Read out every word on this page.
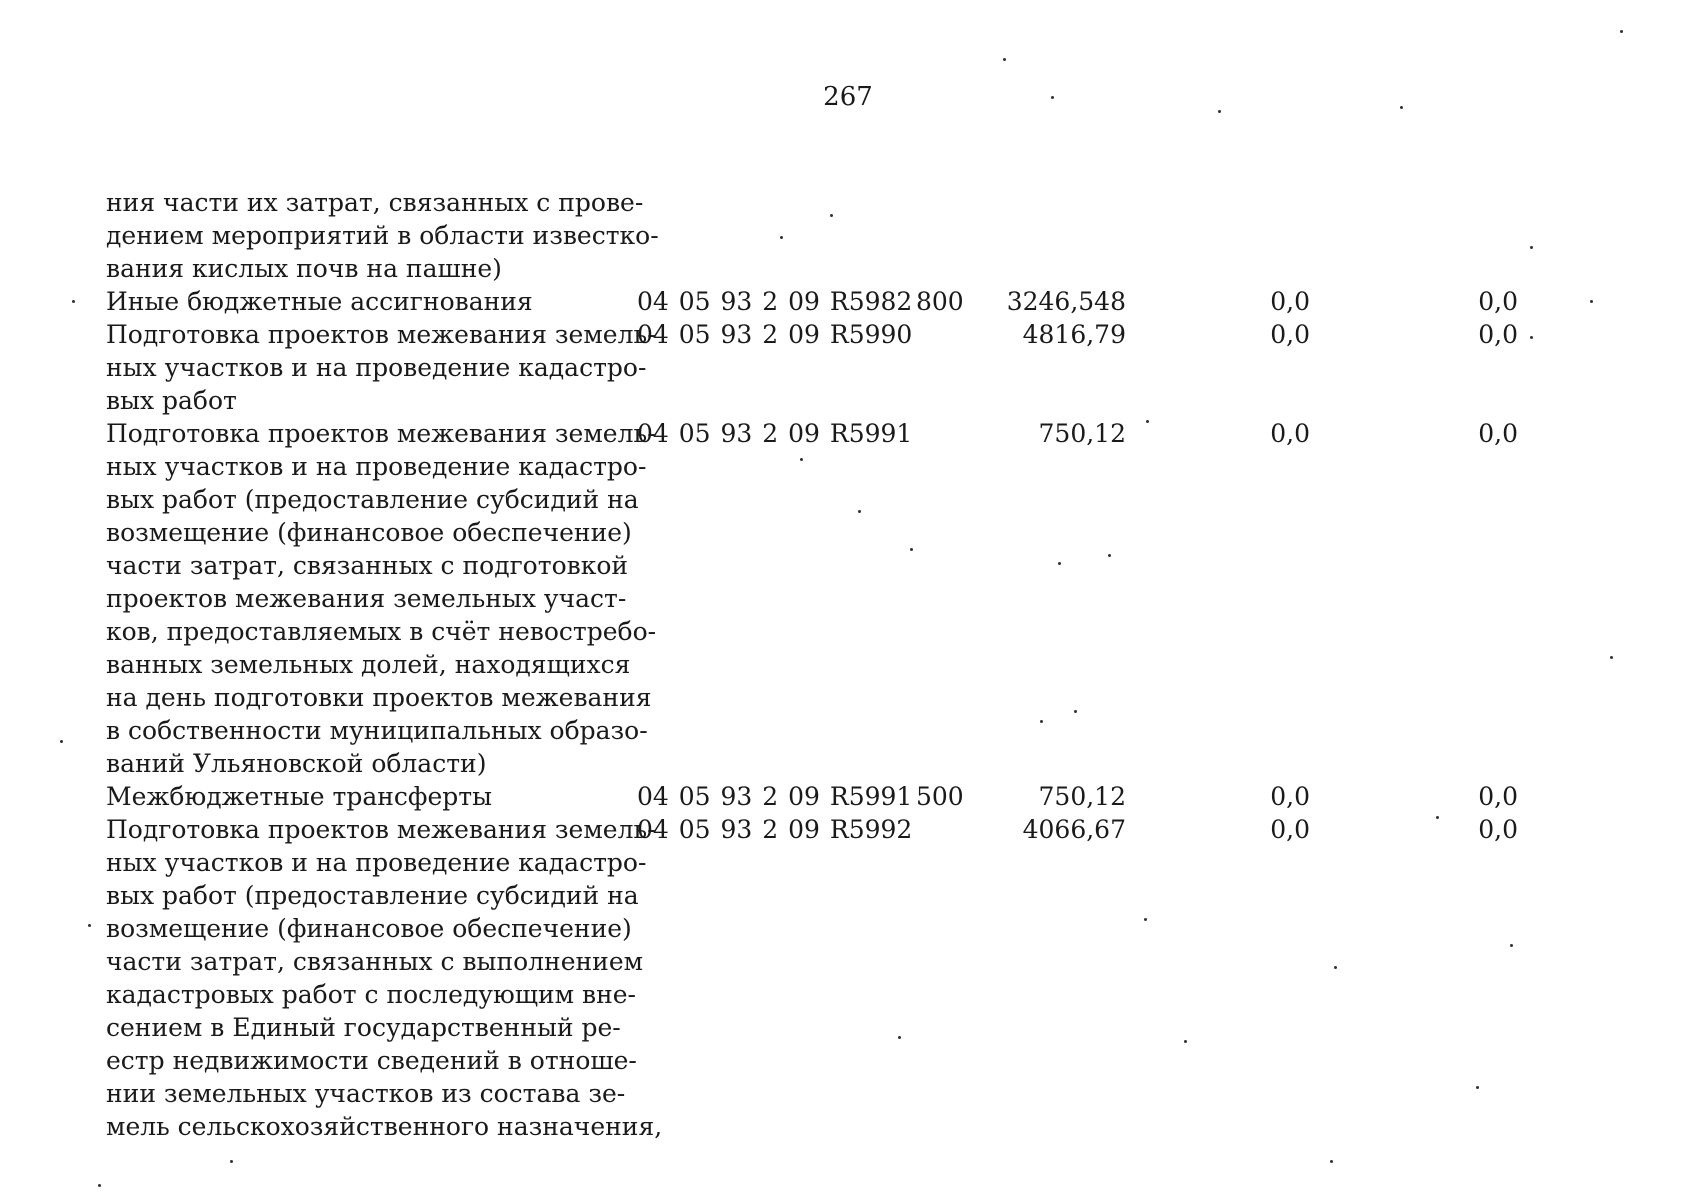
267
ния части их затрат, связанных с прове-
дением мероприятий в области известко-
вания кислых почв на пашне)
Иные бюджетные ассигнования	04 05 93 2 09 R5982 800	3246,548	0,0	0,0
Подготовка проектов межевания земель-
ных участков и на проведение кадастро-
вых работ
04 05 93 2 09 R5990	4816,79	0,0	0,0
Подготовка проектов межевания земель-
ных участков и на проведение кадастро-
вых работ (предоставление субсидий на
возмещение (финансовое обеспечение)
части затрат, связанных с подготовкой
проектов межевания земельных участ-
ков, предоставляемых в счёт невостребо-
ванных земельных долей, находящихся
на день подготовки проектов межевания
в собственности муниципальных образо-
ваний Ульяновской области)
04 05 93 2 09 R5991	750,12	0,0	0,0
Межбюджетные трансферты	04 05 93 2 09 R5991 500	750,12	0,0	0,0
Подготовка проектов межевания земель-
ных участков и на проведение кадастро-
вых работ (предоставление субсидий на
возмещение (финансовое обеспечение)
части затрат, связанных с выполнением
кадастровых работ с последующим вне-
сением в Единый государственный ре-
естр недвижимости сведений в отноше-
нии земельных участков из состава зе-
мель сельскохозяйственного назначения,
04 05 93 2 09 R5992	4066,67	0,0	0,0
